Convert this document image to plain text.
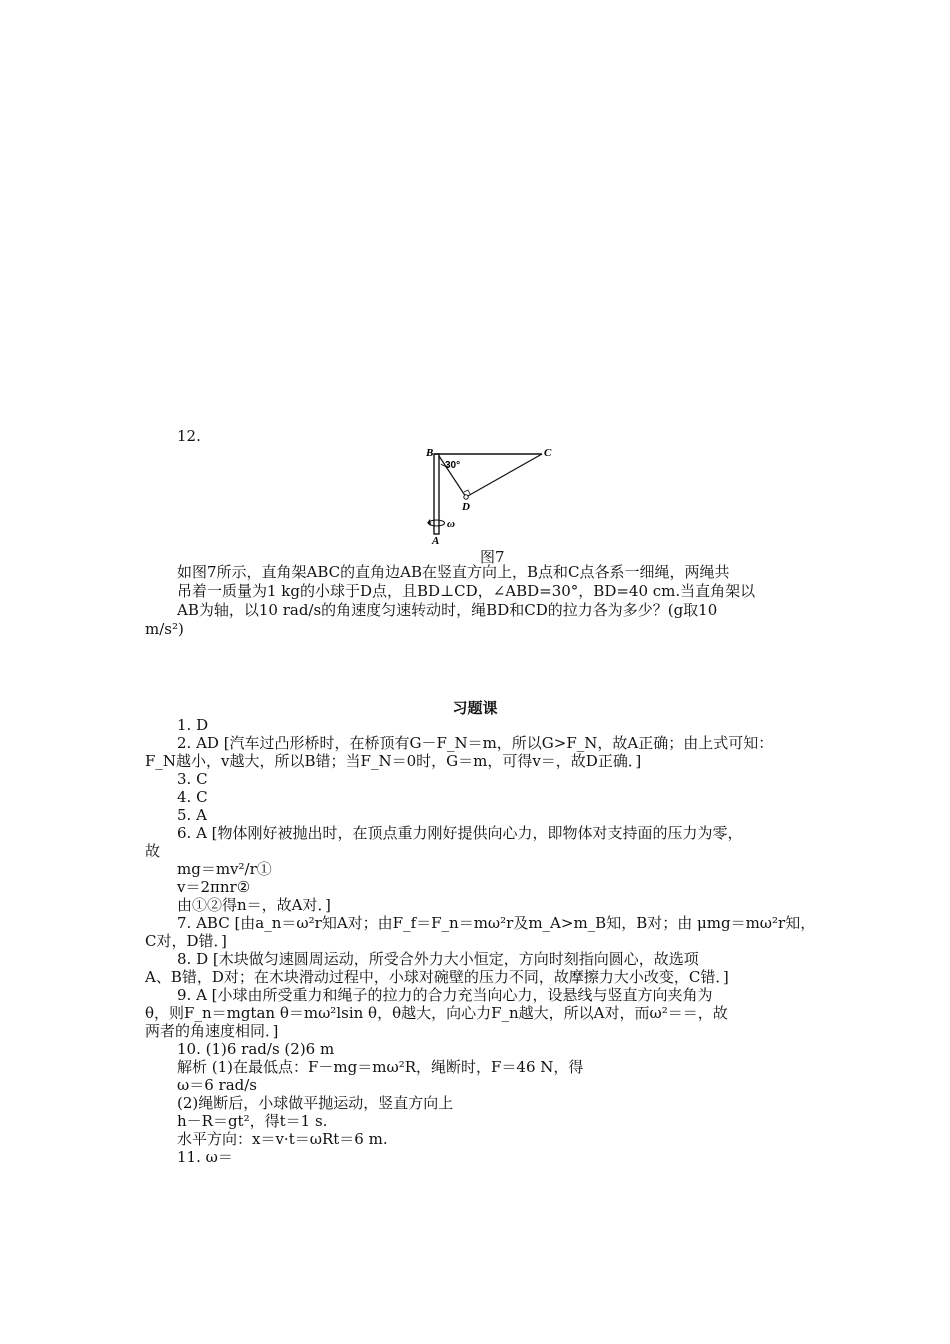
12.
B	C
D
A
30°
ω
图7
如图7所示，直角架ABC的直角边AB在竖直方向上，B点和C点各系一细绳，两绳共
吊着一质量为1 kg的小球于D点，且BD⊥CD，∠ABD=30°，BD=40 cm.当直角架以
AB为轴，以10 rad/s的角速度匀速转动时，绳BD和CD的拉力各为多少？(g取10
m/s²)
习题课
1. D
2. AD [汽车过凸形桥时，在桥顶有G－F_N＝m，所以G>F_N，故A正确；由上式可知：
F_N越小，v越大，所以B错；当F_N＝0时，G＝m，可得v＝，故D正确．]
3. C
4. C
5. A
6. A [物体刚好被抛出时，在顶点重力刚好提供向心力，即物体对支持面的压力为零，
故
mg＝mv²/r①
v＝2πnr②
由①②得n＝，故A对．]
7. ABC [由a_n＝ω²r知A对；由F_f＝F_n＝mω²r及m_A>m_B知，B对；由 μmg＝mω²r知，
C对，D错．]
8. D [木块做匀速圆周运动，所受合外力大小恒定，方向时刻指向圆心，故选项
A、B错，D对；在木块滑动过程中，小球对碗壁的压力不同，故摩擦力大小改变，C错．]
9. A [小球由所受重力和绳子的拉力的合力充当向心力，设悬线与竖直方向夹角为
θ，则F_n＝mgtan θ＝mω²lsin θ，θ越大，向心力F_n越大，所以A对，而ω²＝＝，故
两者的角速度相同．]
10. (1)6 rad/s (2)6 m
解析 (1)在最低点：F－mg＝mω²R，绳断时，F＝46 N，得
ω＝6 rad/s
(2)绳断后，小球做平抛运动，竖直方向上
h－R＝gt²，得t＝1 s.
水平方向：x＝v·t＝ωRt＝6 m.
11. ω＝
